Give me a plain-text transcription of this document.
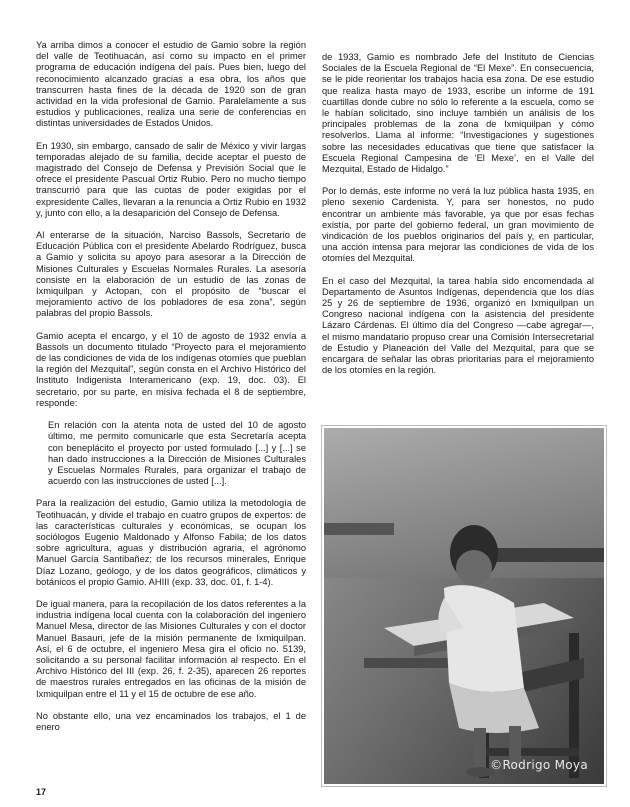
Ya arriba dimos a conocer el estudio de Gamio sobre la región del valle de Teotihuacán, así como su impacto en el primer programa de educación indígena del país. Pues bien, luego del reconocimiento alcanzado gracias a esa obra, los años que transcurren hasta fines de la década de 1920 son de gran actividad en la vida profesional de Gamio. Paralelamente a sus estudios y publicaciones, realiza una serie de conferencias en distintas universidades de Estados Unidos.

En 1930, sin embargo, cansado de salir de México y vivir largas temporadas alejado de su familia, decide aceptar el puesto de magistrado del Consejo de Defensa y Previsión Social que le ofrece el presidente Pascual Ortiz Rubio. Pero no mucho tiempo transcurrió para que las cuotas de poder exigidas por el expresidente Calles, llevaran a la renuncia a Ortiz Rubio en 1932 y, junto con ello, a la desaparición del Consejo de Defensa.

Al enterarse de la situación, Narciso Bassols, Secretario de Educación Pública con el presidente Abelardo Rodríguez, busca a Gamio y solicita su apoyo para asesorar a la Dirección de Misiones Culturales y Escuelas Normales Rurales. La asesoría consiste en la elaboración de un estudio de las zonas de Ixmiquilpan y Actopan, con el propósito de “buscar el mejoramiento activo de los pobladores de esa zona”, según palabras del propio Bassols.

Gamio acepta el encargo, y el 10 de agosto de 1932 envía a Bassols un documento titulado “Proyecto para el mejoramiento de las condiciones de vida de los indígenas otomíes que pueblan la región del Mezquital”, según consta en el Archivo Histórico del Instituto Indigenista Interamericano (exp. 19, doc. 03). El secretario, por su parte, en misiva fechada el 8 de septiembre, responde:

En relación con la atenta nota de usted del 10 de agosto último, me permito comunicarle que esta Secretaría acepta con beneplácito el proyecto por usted formulado [...] y [...] se han dado instrucciones a la Dirección de Misiones Culturales y Escuelas Normales Rurales, para organizar el trabajo de acuerdo con las instrucciones de usted [...].

Para la realización del estudio, Gamio utiliza la metodología de Teotihuacán, y divide el trabajo en cuatro grupos de expertos: de las características culturales y económicas, se ocupan los sociólogos Eugenio Maldonado y Alfonso Fabila; de los datos sobre agricultura, aguas y distribución agraria, el agrónomo Manuel García Santibañez; de los recursos minerales, Enrique Díaz Lozano, geólogo, y de los datos geográficos, climáticos y botánicos el propio Gamio. AHIII (exp. 33, doc. 01, f. 1-4).

De igual manera, para la recopilación de los datos referentes a la industria indígena local cuenta con la colaboración del ingeniero Manuel Mesa, director de las Misiones Culturales y con el doctor Manuel Basauri, jefe de la misión permanente de Ixmiquilpan. Así, el 6 de octubre, el ingeniero Mesa gira el oficio no. 5139, solicitando a su personal facilitar información al respecto. En el Archivo Histórico del III (exp. 26, f. 2-35), aparecen 26 reportes de maestros rurales entregados en las oficinas de la misión de Ixmiquilpan entre el 11 y el 15 de octubre de ese año.

No obstante ello, una vez encaminados los trabajos, el 1 de enero

de 1933, Gamio es nombrado Jefe del Instituto de Ciencias Sociales de la Escuela Regional de “El Mexe”. En consecuencia, se le pide reorientar los trabajos hacia esa zona. De ese estudio que realiza hasta mayo de 1933, escribe un informe de 191 cuartillas donde cubre no sólo lo referente a la escuela, como se le habían solicitado, sino incluye también un análisis de los principales problemas de la zona de Ixmiquilpan y cómo resolverlos. Llama al informe: “Investigaciones y sugestiones sobre las necesidades educativas que tiene que satisfacer la Escuela Regional Campesina de ‘El Mexe’, en el Valle del Mezquital, Estado de Hidalgo.”

Por lo demás, este informe no verá la luz pública hasta 1935, en pleno sexenio Cardenista. Y, para ser honestos, no pudo encontrar un ambiente más favorable, ya que por esas fechas existía, por parte del gobierno federal, un gran movimiento de vindicación de los pueblos originarios del país y, en particular, una acción intensa para mejorar las condiciones de vida de los otomíes del Mezquital.

En el caso del Mezquital, la tarea había sido encomendada al Departamento de Asuntos Indígenas, dependencia que los días 25 y 26 de septiembre de 1936, organizó en Ixmiquilpan un Congreso nacional indígena con la asistencia del presidente Lázaro Cárdenas. El último día del Congreso —cabe agregar—, el mismo mandatario propuso crear una Comisión Intersecretarial de Estudio y Planeación del Valle del Mezquital, para que se encargara de señalar las obras prioritarias para el mejoramiento de los otomíes en la región.

©Rodrigo Moya
17
